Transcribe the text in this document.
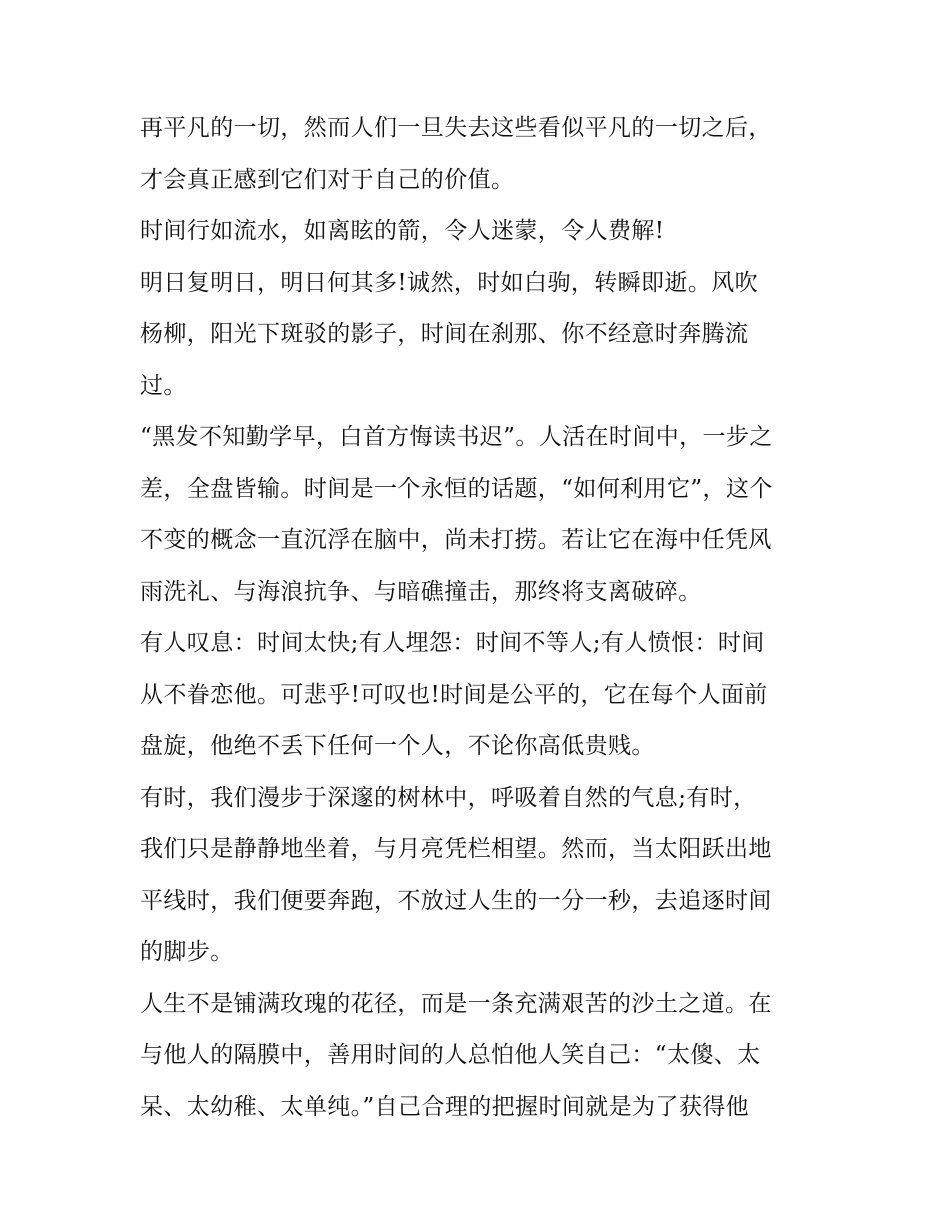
再平凡的一切，然而人们一旦失去这些看似平凡的一切之后，
才会真正感到它们对于自己的价值。

时间行如流水，如离眩的箭，令人迷蒙，令人费解!

明日复明日，明日何其多!诚然，时如白驹，转瞬即逝。风吹
杨柳，阳光下斑驳的影子，时间在刹那、你不经意时奔腾流
过。

“黑发不知勤学早，白首方悔读书迟”。人活在时间中，一步之
差，全盘皆输。时间是一个永恒的话题，“如何利用它”，这个
不变的概念一直沉浮在脑中，尚未打捞。若让它在海中任凭风
雨洗礼、与海浪抗争、与暗礁撞击，那终将支离破碎。

有人叹息：时间太快;有人埋怨：时间不等人;有人愤恨：时间
从不眷恋他。可悲乎!可叹也!时间是公平的，它在每个人面前
盘旋，他绝不丢下任何一个人，不论你高低贵贱。

有时，我们漫步于深邃的树林中，呼吸着自然的气息;有时，
我们只是静静地坐着，与月亮凭栏相望。然而，当太阳跃出地
平线时，我们便要奔跑，不放过人生的一分一秒，去追逐时间
的脚步。

人生不是铺满玫瑰的花径，而是一条充满艰苦的沙土之道。在
与他人的隔膜中，善用时间的人总怕他人笑自己：“太傻、太
呆、太幼稚、太单纯。”自己合理的把握时间就是为了获得他
